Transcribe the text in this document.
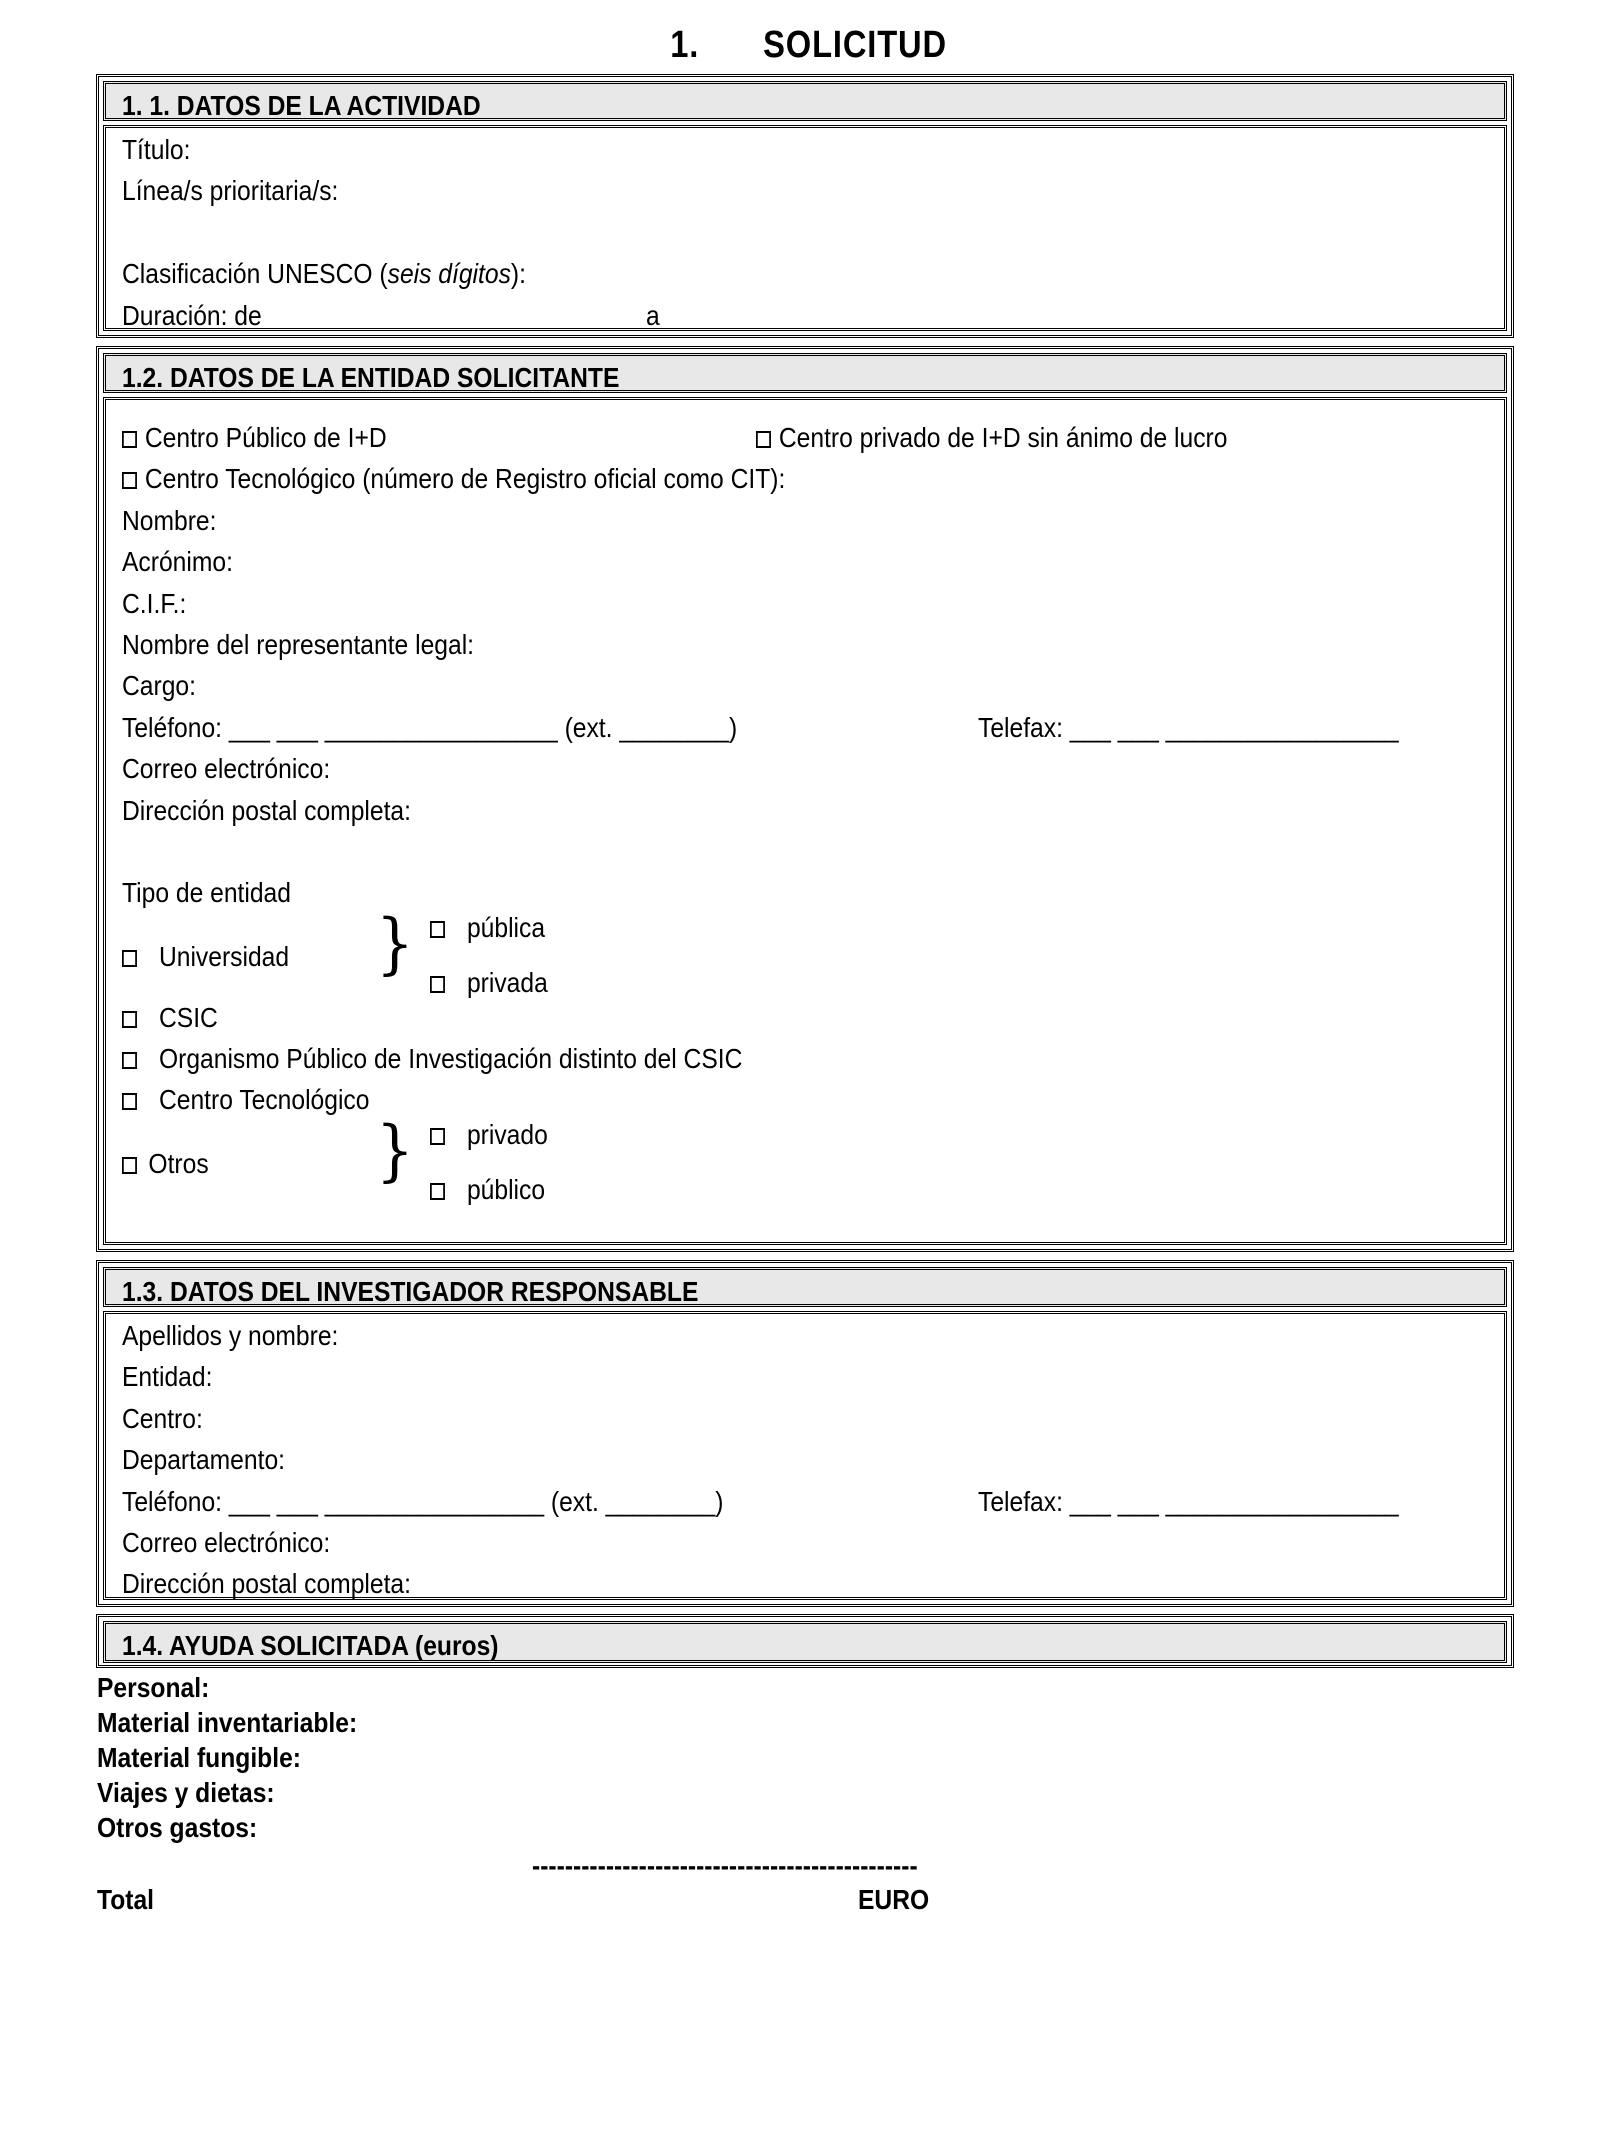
1. SOLICITUD
1. 1. DATOS DE LA ACTIVIDAD
Título:
Línea/s prioritaria/s:
Clasificación UNESCO (seis dígitos):
Duración: de	a
1.2. DATOS DE LA ENTIDAD SOLICITANTE
Centro Público de I+D	Centro privado de I+D sin ánimo de lucro
Centro Tecnológico (número de Registro oficial como CIT):
Nombre:
Acrónimo:
C.I.F.:
Nombre del representante legal:
Cargo:
Teléfono: ___ ___ _________________ (ext. ________)	Telefax: ___ ___ _________________
Correo electrónico:
Dirección postal completa:
Tipo de entidad
Universidad }	pública
privada
CSIC
Organismo Público de Investigación distinto del CSIC
Centro Tecnológico
Otros	}	privado
público
1.3. DATOS DEL INVESTIGADOR RESPONSABLE
Apellidos y nombre:
Entidad:
Centro:
Departamento:
Teléfono: ___ ___ ________________ (ext. ________)	Telefax: ___ ___ _________________
Correo electrónico:
Dirección postal completa:
1.4. AYUDA SOLICITADA (euros)
Personal:
Material inventariable:
Material fungible:
Viajes y dietas:
Otros gastos:
-----------------------------------------------
Total	EURO
